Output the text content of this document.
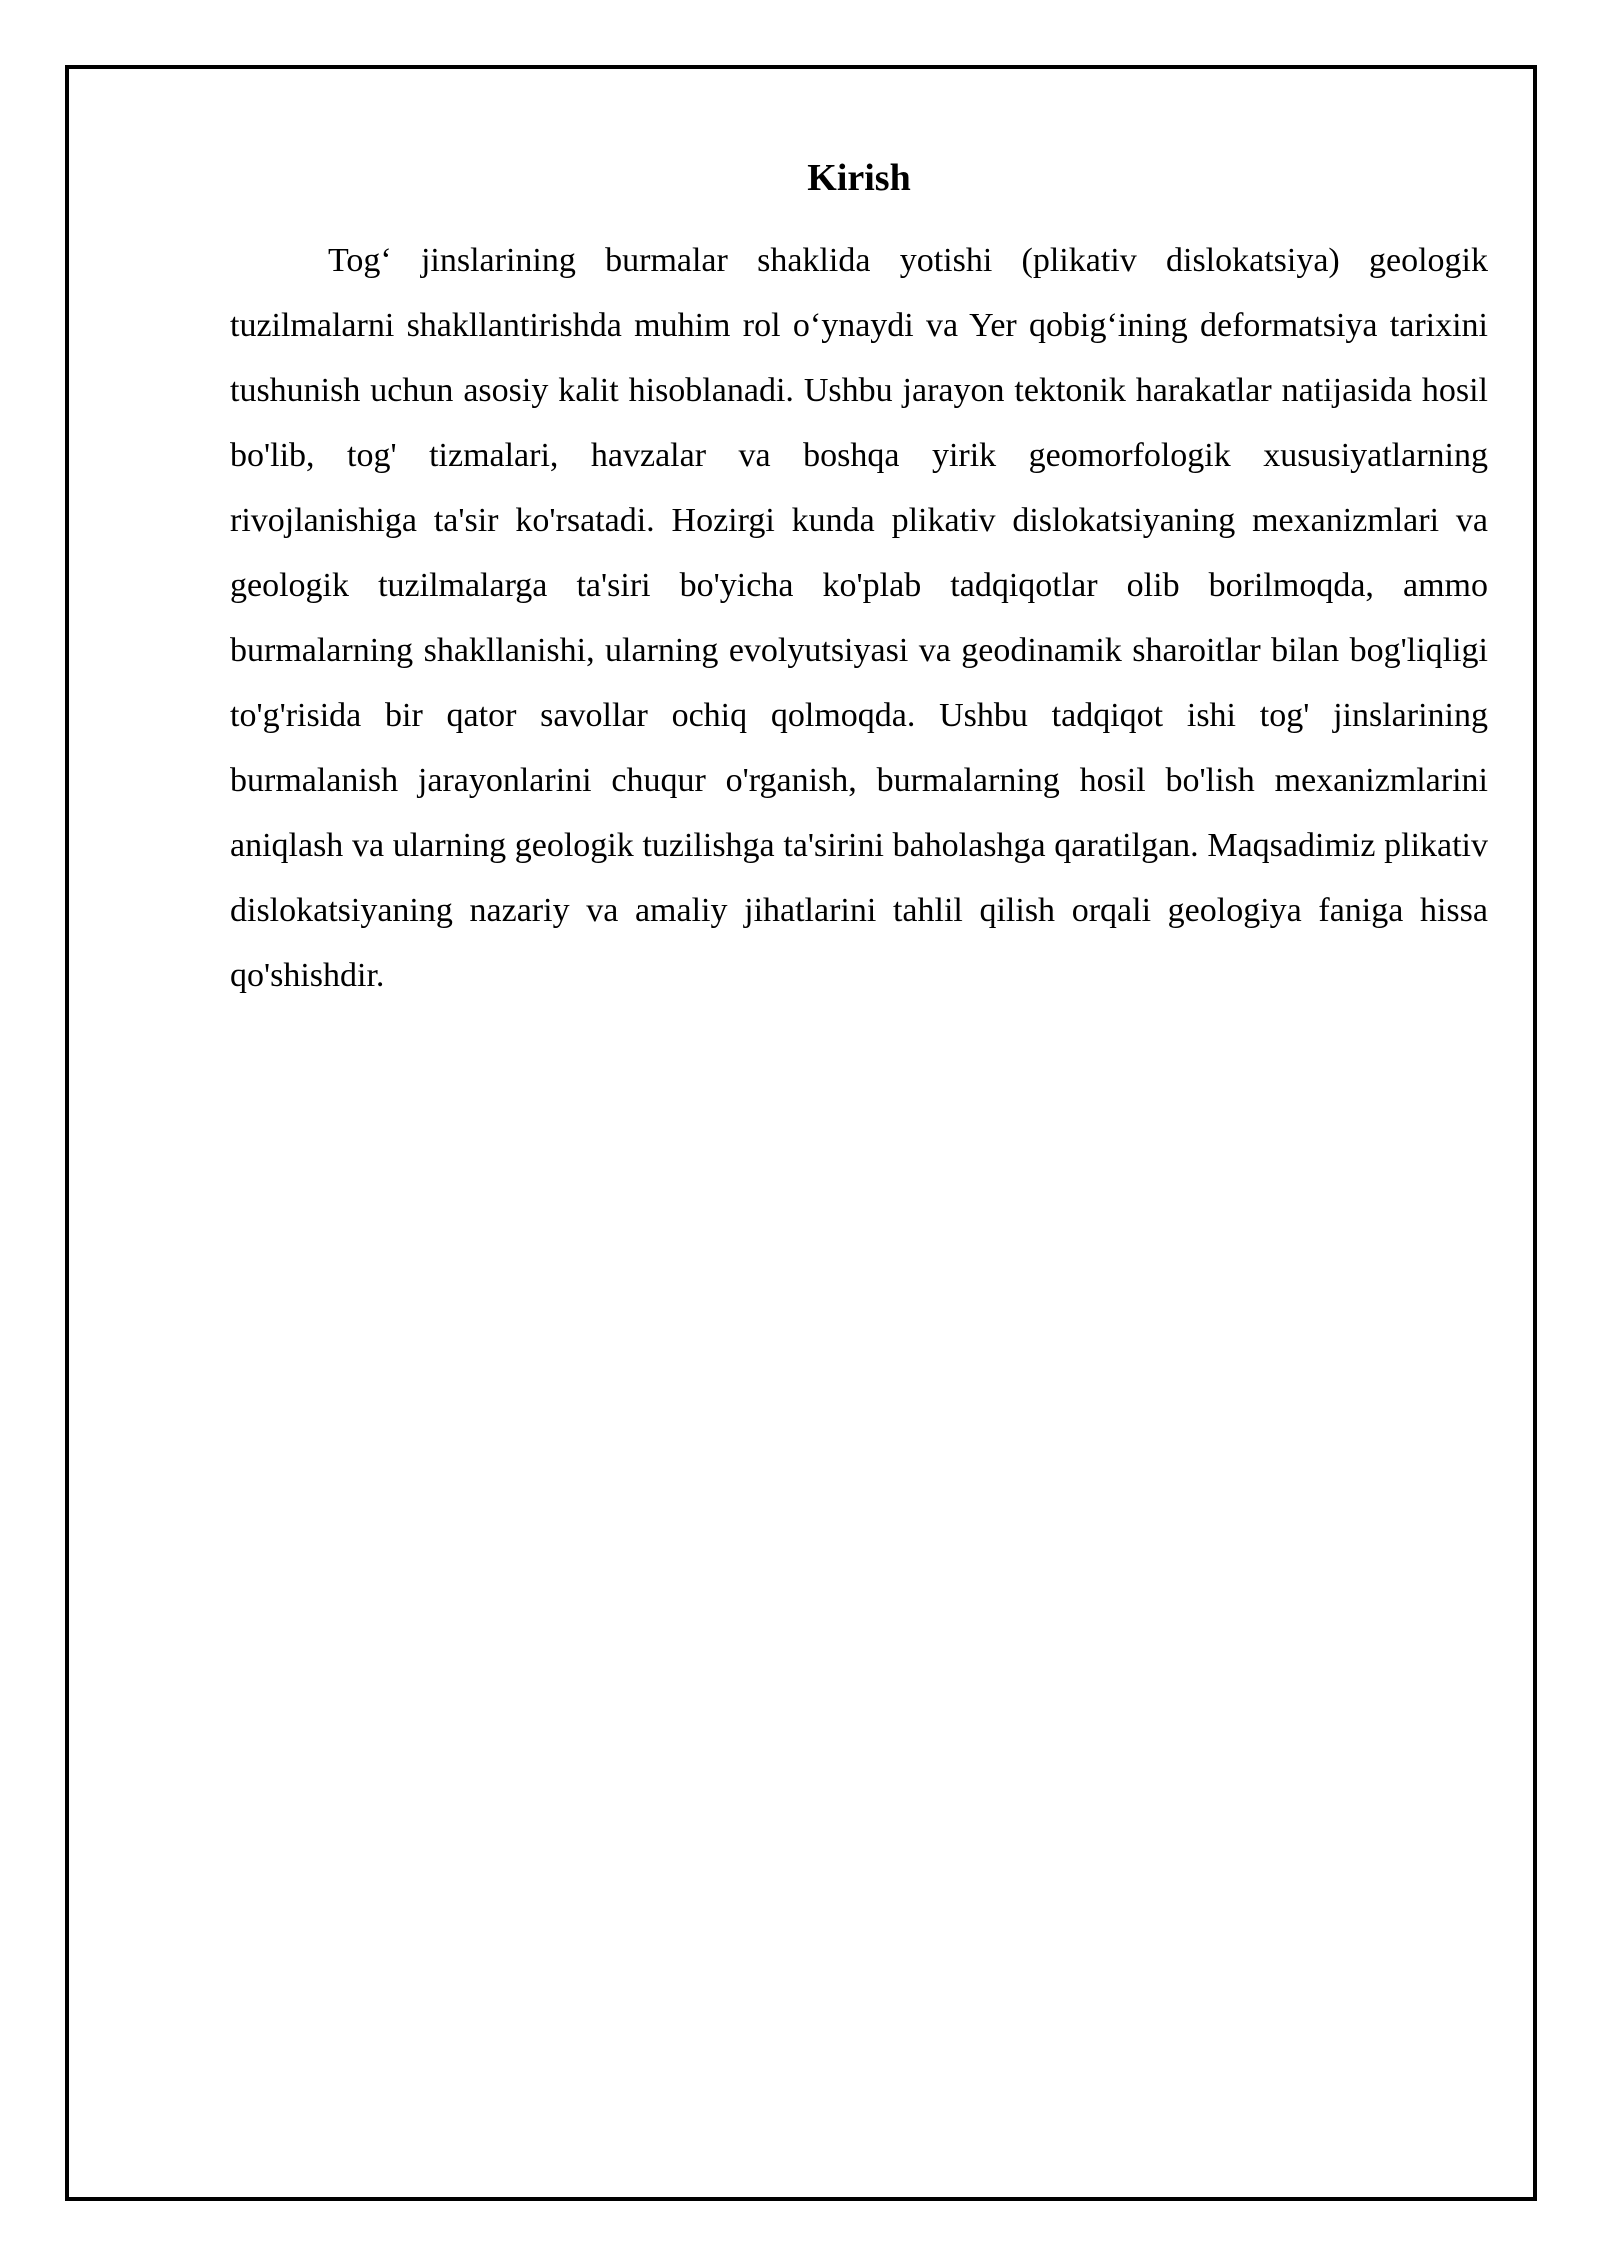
Kirish

Tog‘ jinslarining burmalar shaklida yotishi (plikativ dislokatsiya) geologik tuzilmalarni shakllantirishda muhim rol o‘ynaydi va Yer qobig‘ining deformatsiya tarixini tushunish uchun asosiy kalit hisoblanadi. Ushbu jarayon tektonik harakatlar natijasida hosil bo'lib, tog' tizmalari, havzalar va boshqa yirik geomorfologik xususiyatlarning rivojlanishiga ta'sir ko'rsatadi. Hozirgi kunda plikativ dislokatsiyaning mexanizmlari va geologik tuzilmalarga ta'siri bo'yicha ko'plab tadqiqotlar olib borilmoqda, ammo burmalarning shakllanishi, ularning evolyutsiyasi va geodinamik sharoitlar bilan bog'liqligi to'g'risida bir qator savollar ochiq qolmoqda. Ushbu tadqiqot ishi tog' jinslarining burmalanish jarayonlarini chuqur o'rganish, burmalarning hosil bo'lish mexanizmlarini aniqlash va ularning geologik tuzilishga ta'sirini baholashga qaratilgan. Maqsadimiz plikativ dislokatsiyaning nazariy va amaliy jihatlarini tahlil qilish orqali geologiya faniga hissa qo'shishdir.
